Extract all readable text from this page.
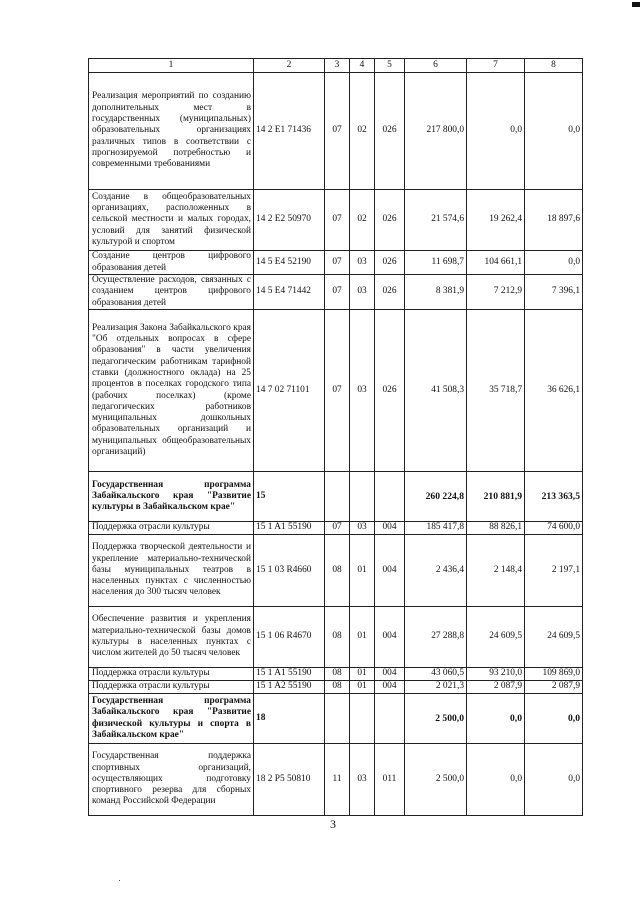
1	2	3	4	5	6	7	8
Реализация мероприятий по созданию дополнительных мест в государственных (муниципальных) образовательных организациях различных типов в соответствии с прогнозируемой потребностью и современными требованиями	14 2 E1 71436	07	02	026	217 800,0	0,0	0,0
Создание в общеобразовательных организациях, расположенных в сельской местности и малых городах, условий для занятий физической культурой и спортом	14 2 E2 50970	07	02	026	21 574,6	19 262,4	18 897,6
Создание центров цифрового образования детей	14 5 E4 52190	07	03	026	11 698,7	104 661,1	0,0
Осуществление расходов, связанных с созданием центров цифрового образования детей	14 5 E4 71442	07	03	026	8 381,9	7 212,9	7 396,1
Реализация Закона Забайкальского края "Об отдельных вопросах в сфере образования" в части увеличения педагогическим работникам тарифной ставки (должностного оклада) на 25 процентов в поселках городского типа (рабочих поселках) (кроме педагогических работников муниципальных дошкольных образовательных организаций и муниципальных общеобразовательных организаций)	14 7 02 71101	07	03	026	41 508,3	35 718,7	36 626,1
Государственная программа Забайкальского края "Развитие культуры в Забайкальском крае"	15				260 224,8	210 881,9	213 363,5
Поддержка отрасли культуры	15 1 A1 55190	07	03	004	185 417,8	88 826,1	74 600,0
Поддержка творческой деятельности и укрепление материально-технической базы муниципальных театров в населенных пунктах с численностью населения до 300 тысяч человек	15 1 03 R4660	08	01	004	2 436,4	2 148,4	2 197,1
Обеспечение развития и укрепления материально-технической базы домов культуры в населенных пунктах с числом жителей до 50 тысяч человек	15 1 06 R4670	08	01	004	27 288,8	24 609,5	24 609,5
Поддержка отрасли культуры	15 1 A1 55190	08	01	004	43 060,5	93 210,0	109 869,0
Поддержка отрасли культуры	15 1 A2 55190	08	01	004	2 021,3	2 087,9	2 087,9
Государственная программа Забайкальского края "Развитие физической культуры и спорта в Забайкальском крае"	18				2 500,0	0,0	0,0
Государственная поддержка спортивных организаций, осуществляющих подготовку спортивного резерва для сборных команд Российской Федерации	18 2 P5 50810	11	03	011	2 500,0	0,0	0,0
3
